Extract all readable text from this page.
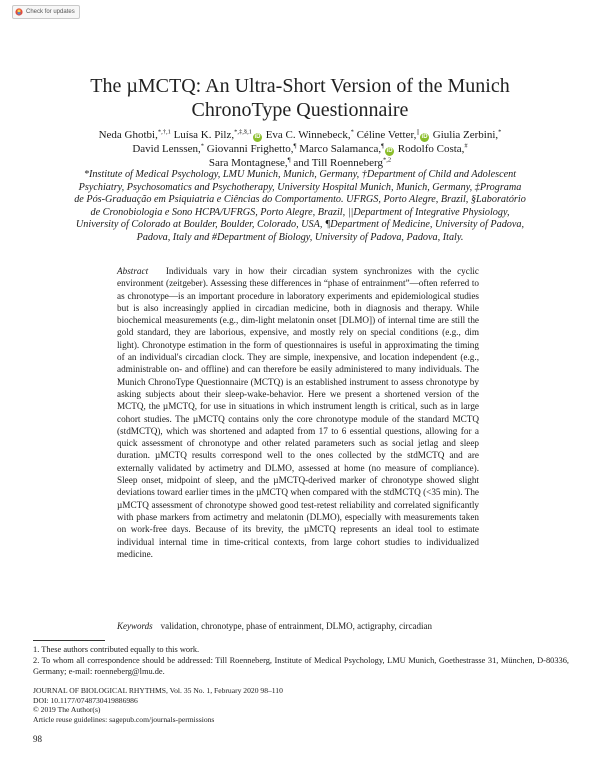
Check for updates
The µMCTQ: An Ultra-Short Version of the Munich
ChronoType Questionnaire
Neda Ghotbi,$^{*,\dagger,1}$ Luísa K. Pilz,$^{*,\ddagger,\S,1}$iD Eva C. Winnebeck,* Céline Vetter,||iD Giulia Zerbini,*
David Lenssen,* Giovanni Frighetto,¶ Marco Salamanca,¶iD Rodolfo Costa,#
Sara Montagnese,¶ and Till Roenneberg$^{*,2}$
*Institute of Medical Psychology, LMU Munich, Munich, Germany, †Department of Child and Adolescent
Psychiatry, Psychosomatics and Psychotherapy, University Hospital Munich, Munich, Germany, ‡Programa
de Pós-Graduação em Psiquiatria e Ciências do Comportamento. UFRGS, Porto Alegre, Brazil, §Laboratório
de Cronobiologia e Sono HCPA/UFRGS, Porto Alegre, Brazil, ||Department of Integrative Physiology,
University of Colorado at Boulder, Boulder, Colorado, USA, ¶Department of Medicine, University of Padova,
Padova, Italy and #Department of Biology, University of Padova, Padova, Italy.
Abstract Individuals vary in how their circadian system synchronizes with the cyclic environment (zeitgeber). Assessing these differences in “phase of entrainment”—often referred to as chronotype—is an important procedure in laboratory experiments and epidemiological studies but is also increasingly applied in circadian medicine, both in diagnosis and therapy. While biochemical measurements (e.g., dim-light melatonin onset [DLMO]) of internal time are still the gold standard, they are laborious, expensive, and mostly rely on special conditions (e.g., dim light). Chronotype estimation in the form of questionnaires is useful in approximating the timing of an individual's circadian clock. They are simple, inexpensive, and location independent (e.g., administrable on- and offline) and can therefore be easily administered to many individuals. The Munich ChronoType Questionnaire (MCTQ) is an established instrument to assess chronotype by asking subjects about their sleep-wake-behavior. Here we present a shortened version of the MCTQ, the µMCTQ, for use in situations in which instrument length is critical, such as in large cohort studies. The µMCTQ contains only the core chronotype module of the standard MCTQ (stdMCTQ), which was shortened and adapted from 17 to 6 essential questions, allowing for a quick assessment of chronotype and other related parameters such as social jetlag and sleep duration. µMCTQ results correspond well to the ones collected by the stdMCTQ and are externally validated by actimetry and DLMO, assessed at home (no measure of compliance). Sleep onset, midpoint of sleep, and the µMCTQ-derived marker of chronotype showed slight deviations toward earlier times in the µMCTQ when compared with the stdMCTQ (<35 min). The µMCTQ assessment of chronotype showed good test-retest reliability and correlated significantly with phase markers from actimetry and melatonin (DLMO), especially with measurements taken on work-free days. Because of its brevity, the µMCTQ represents an ideal tool to estimate individual internal time in time-critical contexts, from large cohort studies to individualized medicine.
Keywords validation, chronotype, phase of entrainment, DLMO, actigraphy, circadian
1. These authors contributed equally to this work.
2. To whom all correspondence should be addressed: Till Roenneberg, Institute of Medical Psychology, LMU Munich, Goethestrasse 31, München, D-80336, Germany; e-mail: roenneberg@lmu.de.
JOURNAL OF BIOLOGICAL RHYTHMS, Vol. 35 No. 1, February 2020 98–110
DOI: 10.1177/0748730419886986
© 2019 The Author(s)
Article reuse guidelines: sagepub.com/journals-permissions
98
